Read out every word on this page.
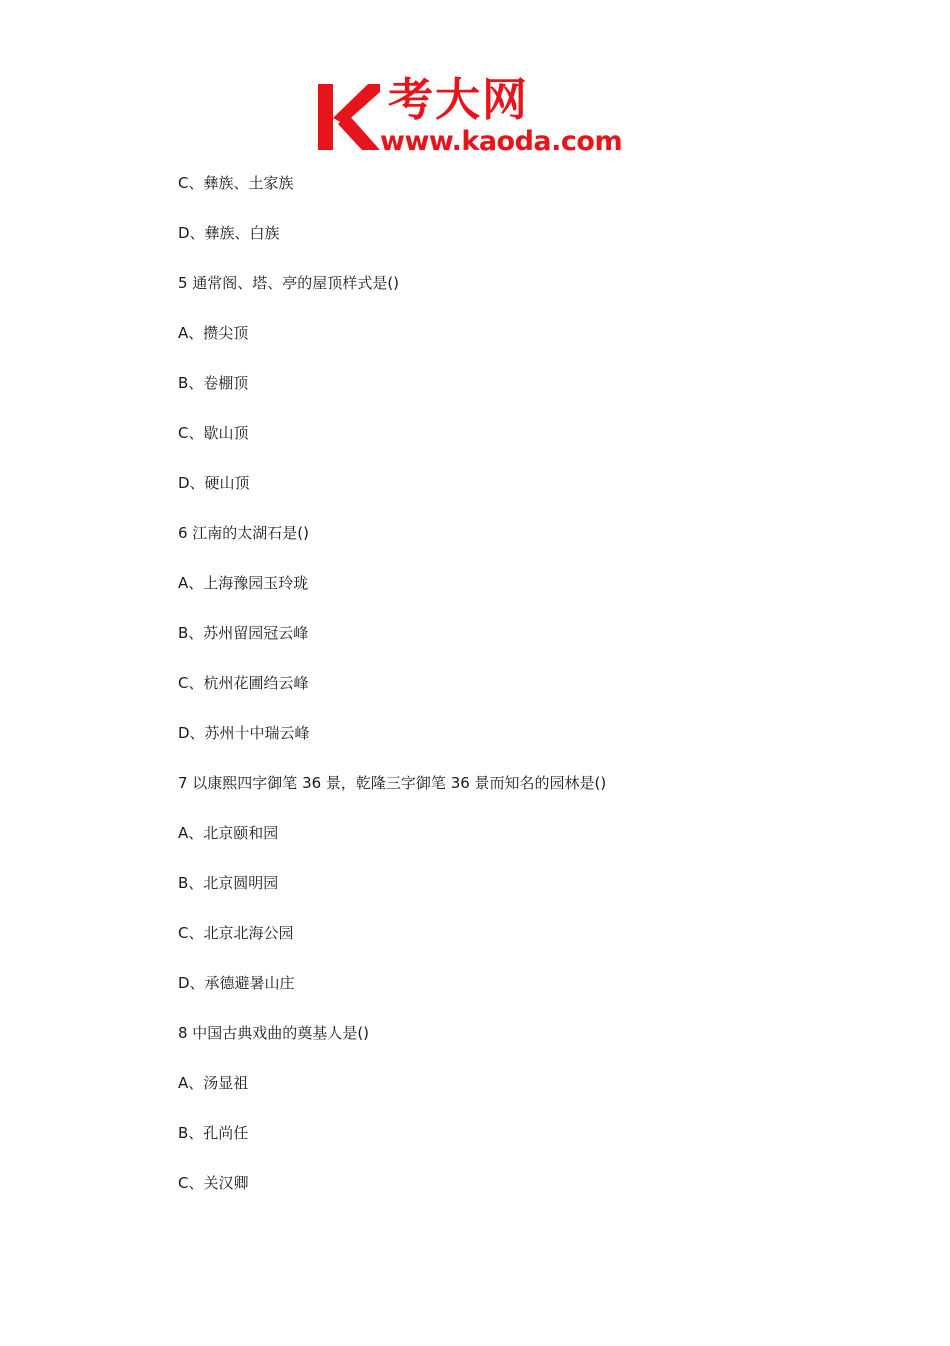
考大网
www.kaoda.com
C、彝族、土家族
D、彝族、白族
5 通常阁、塔、亭的屋顶样式是()
A、攒尖顶
B、卷棚顶
C、歇山顶
D、硬山顶
6 江南的太湖石是()
A、上海豫园玉玲珑
B、苏州留园冠云峰
C、杭州花圃绉云峰
D、苏州十中瑞云峰
7 以康熙四字御笔 36 景，乾隆三字御笔 36 景而知名的园林是()
A、北京颐和园
B、北京圆明园
C、北京北海公园
D、承德避暑山庄
8 中国古典戏曲的奠基人是()
A、汤显祖
B、孔尚任
C、关汉卿
